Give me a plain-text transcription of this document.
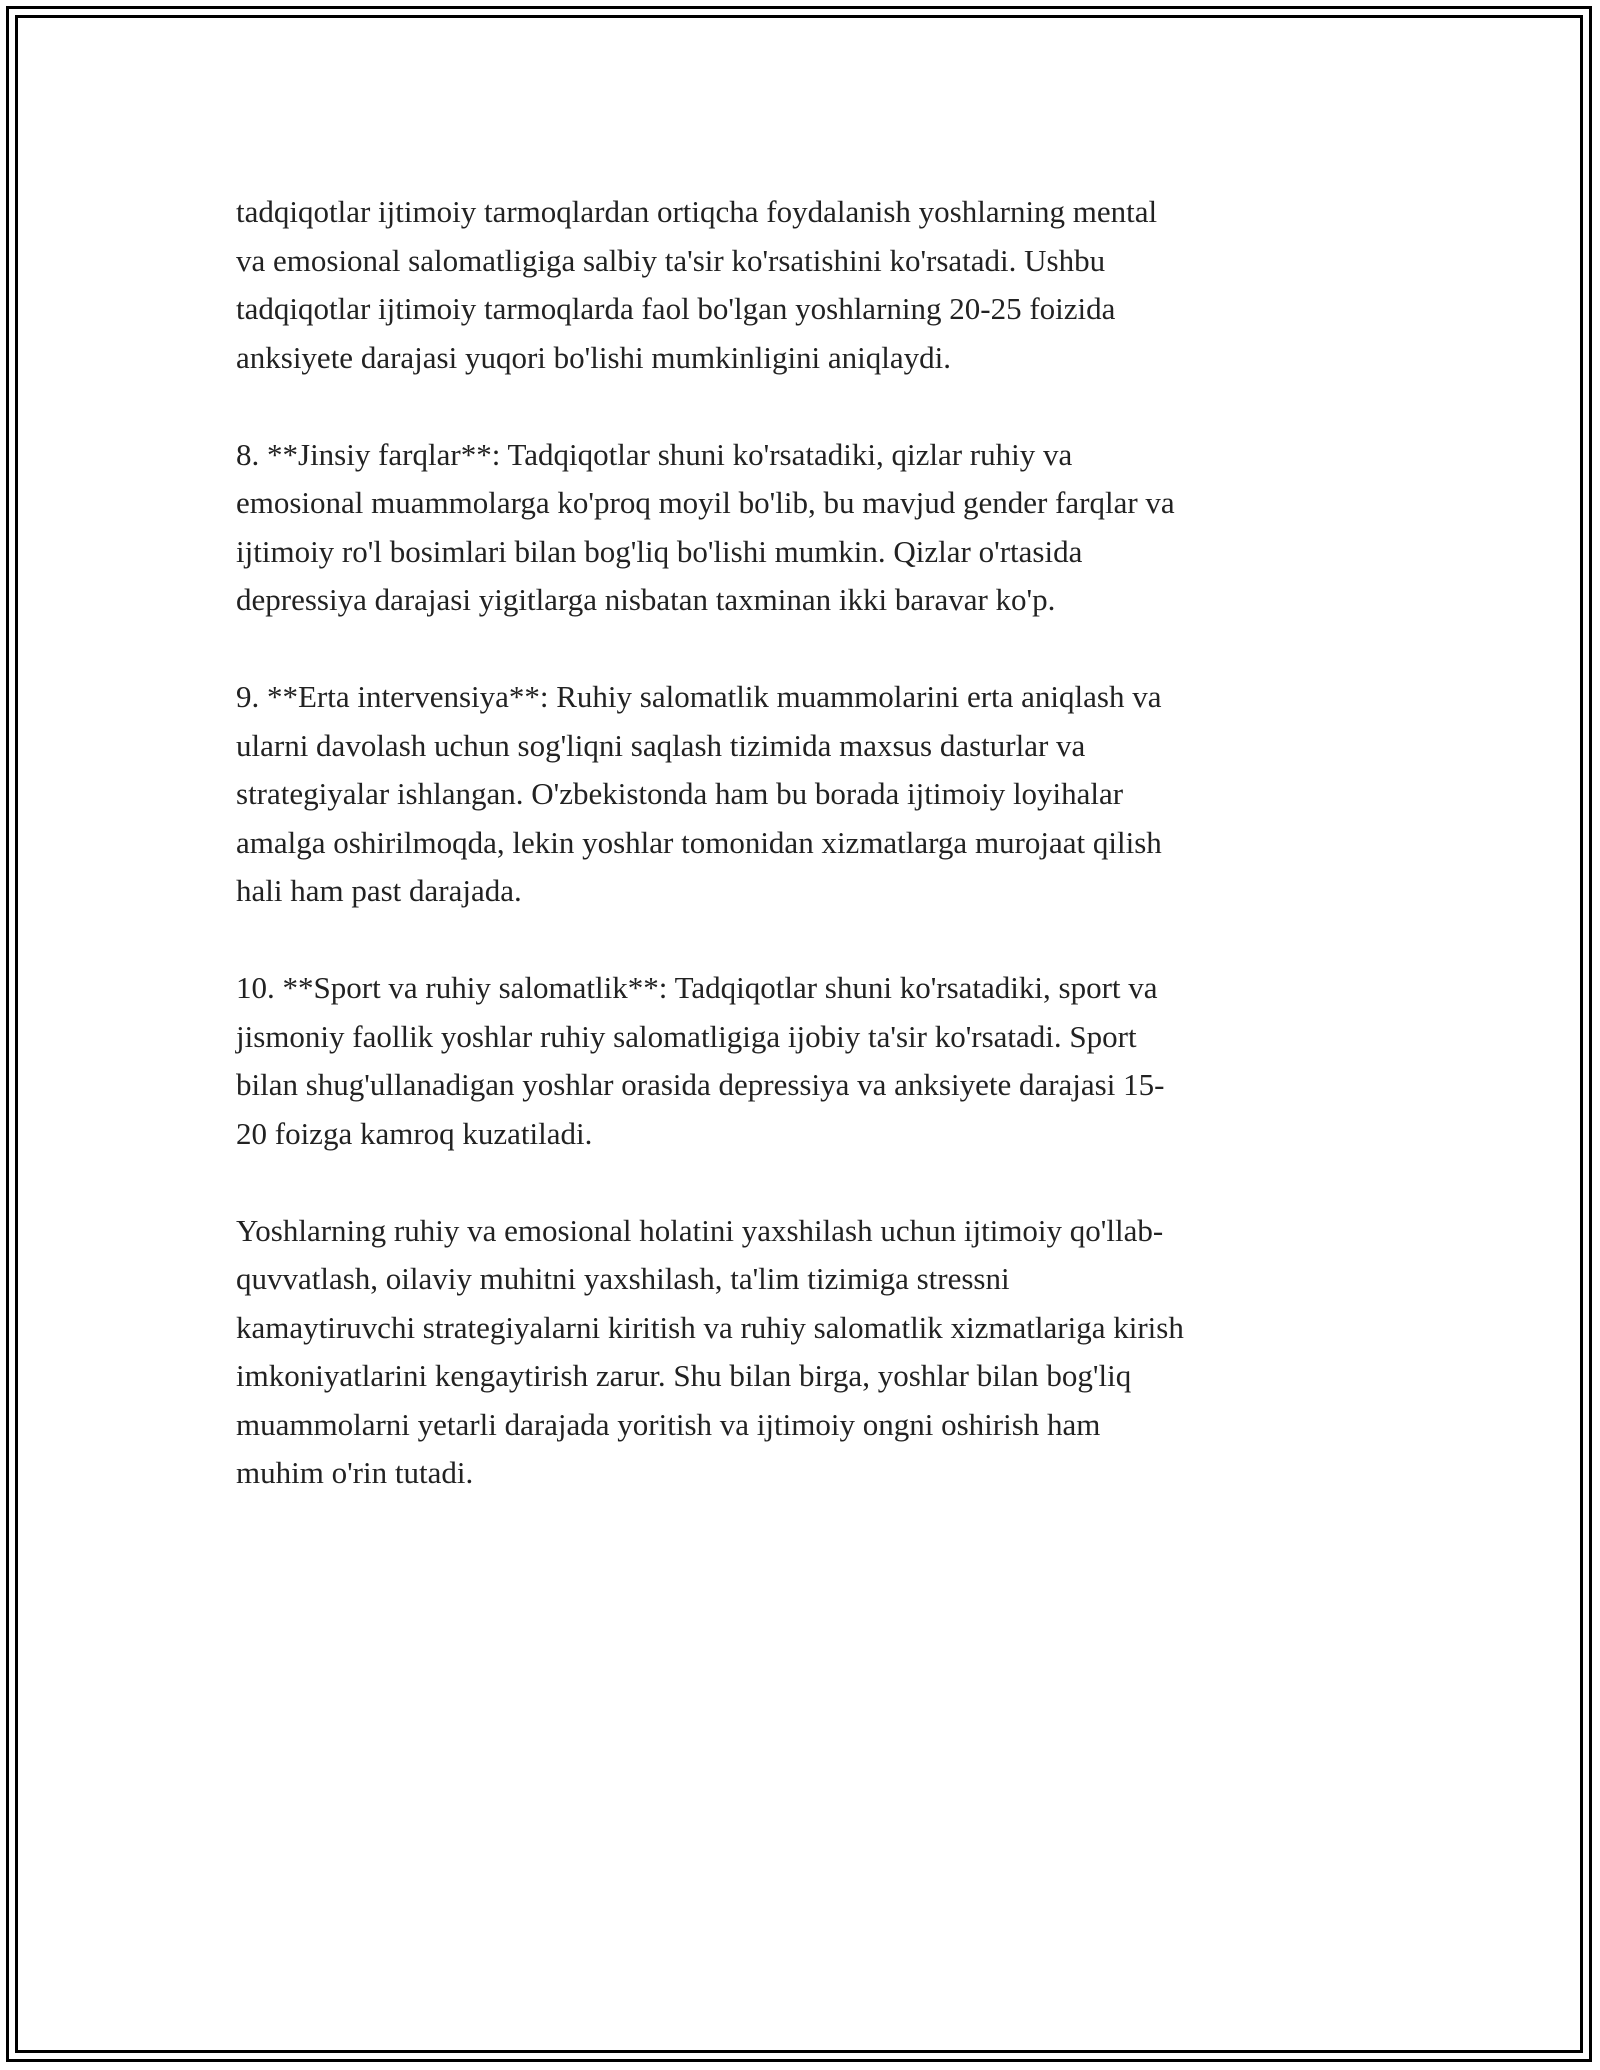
tadqiqotlar ijtimoiy tarmoqlardan ortiqcha foydalanish yoshlarning mental
va emosional salomatligiga salbiy ta'sir ko'rsatishini ko'rsatadi. Ushbu
tadqiqotlar ijtimoiy tarmoqlarda faol bo'lgan yoshlarning 20-25 foizida
anksiyete darajasi yuqori bo'lishi mumkinligini aniqlaydi.

8. **Jinsiy farqlar**: Tadqiqotlar shuni ko'rsatadiki, qizlar ruhiy va
emosional muammolarga ko'proq moyil bo'lib, bu mavjud gender farqlar va
ijtimoiy ro'l bosimlari bilan bog'liq bo'lishi mumkin. Qizlar o'rtasida
depressiya darajasi yigitlarga nisbatan taxminan ikki baravar ko'p.

9. **Erta intervensiya**: Ruhiy salomatlik muammolarini erta aniqlash va
ularni davolash uchun sog'liqni saqlash tizimida maxsus dasturlar va
strategiyalar ishlangan. O'zbekistonda ham bu borada ijtimoiy loyihalar
amalga oshirilmoqda, lekin yoshlar tomonidan xizmatlarga murojaat qilish
hali ham past darajada.

10. **Sport va ruhiy salomatlik**: Tadqiqotlar shuni ko'rsatadiki, sport va
jismoniy faollik yoshlar ruhiy salomatligiga ijobiy ta'sir ko'rsatadi. Sport
bilan shug'ullanadigan yoshlar orasida depressiya va anksiyete darajasi 15-
20 foizga kamroq kuzatiladi.

Yoshlarning ruhiy va emosional holatini yaxshilash uchun ijtimoiy qo'llab-
quvvatlash, oilaviy muhitni yaxshilash, ta'lim tizimiga stressni
kamaytiruvchi strategiyalarni kiritish va ruhiy salomatlik xizmatlariga kirish
imkoniyatlarini kengaytirish zarur. Shu bilan birga, yoshlar bilan bog'liq
muammolarni yetarli darajada yoritish va ijtimoiy ongni oshirish ham
muhim o'rin tutadi.
